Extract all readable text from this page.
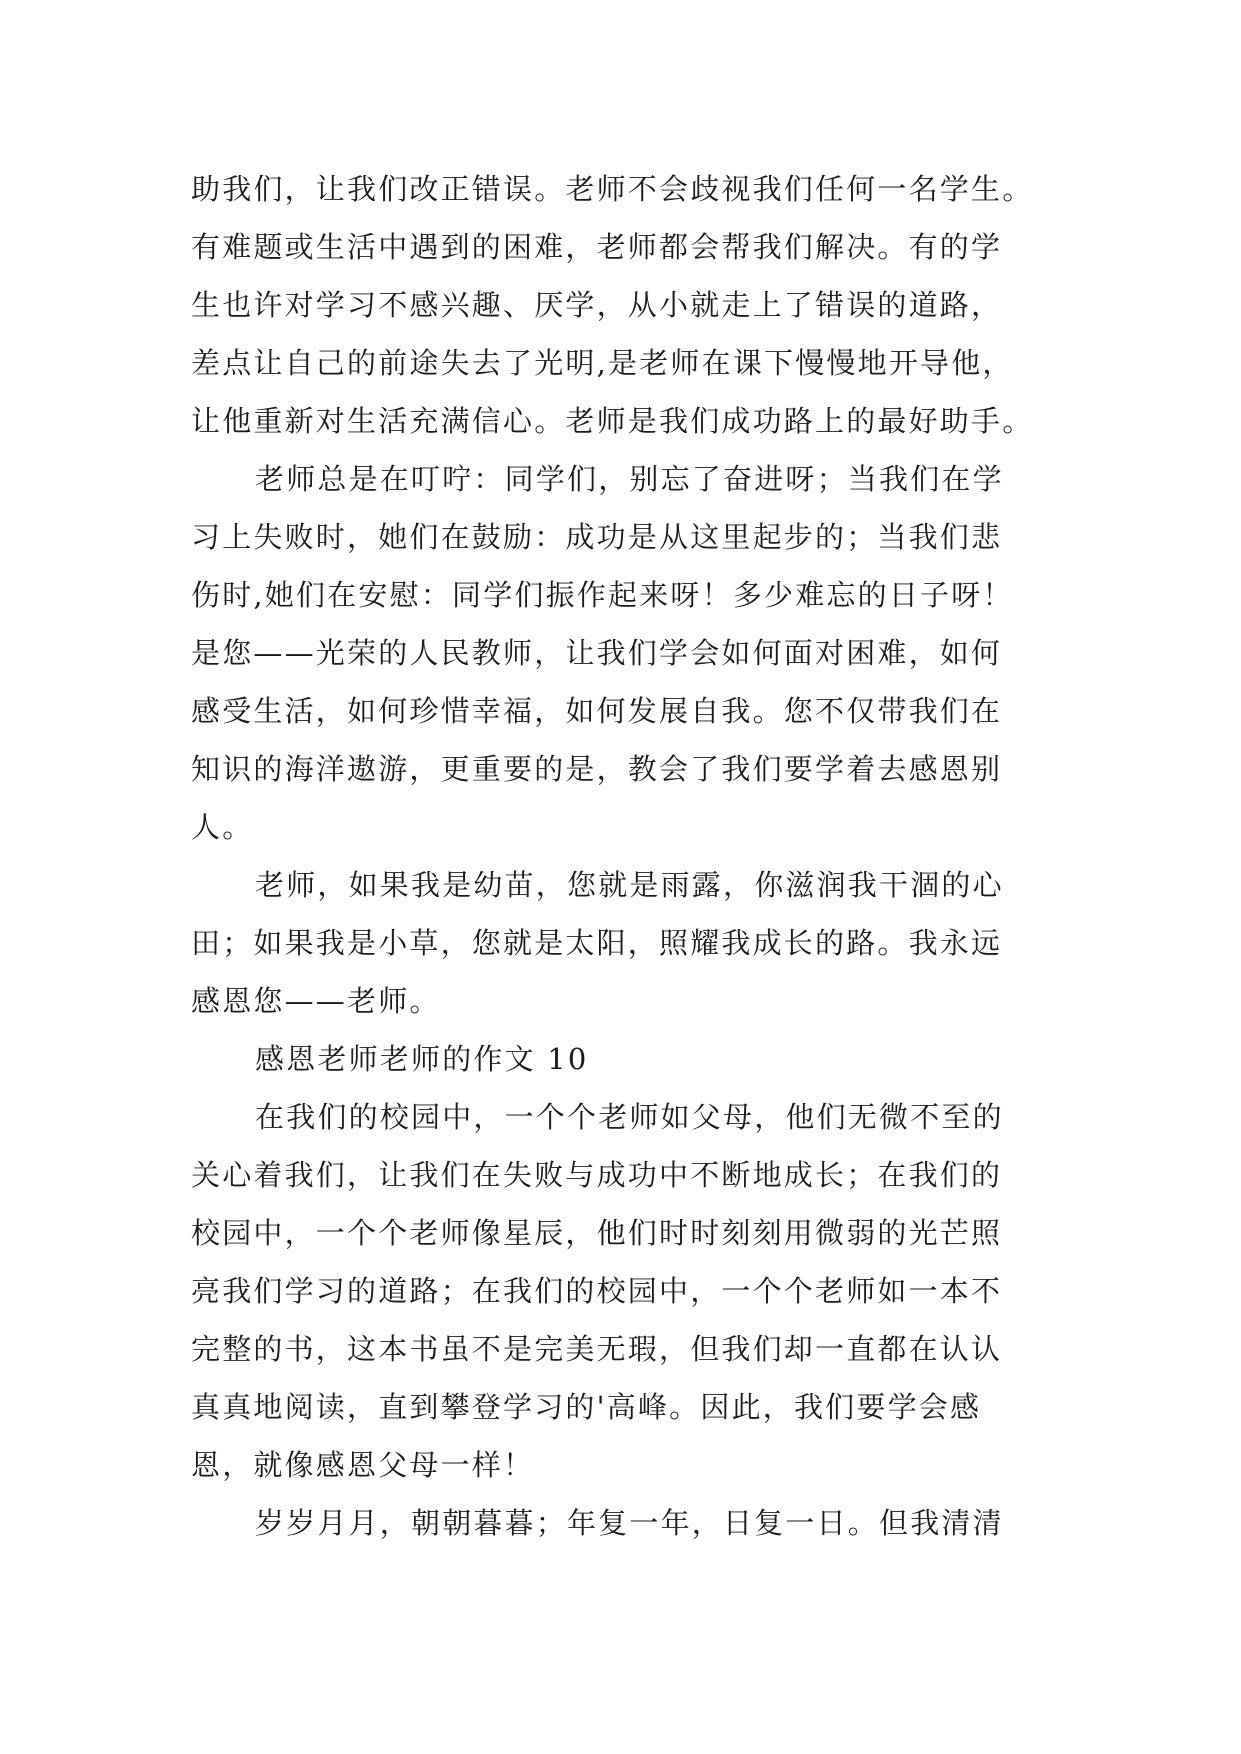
助我们，让我们改正错误。老师不会歧视我们任何一名学生。
有难题或生活中遇到的困难，老师都会帮我们解决。有的学
生也许对学习不感兴趣、厌学，从小就走上了错误的道路，
差点让自己的前途失去了光明,是老师在课下慢慢地开导他，
让他重新对生活充满信心。老师是我们成功路上的最好助手。
老师总是在叮咛：同学们，别忘了奋进呀；当我们在学
习上失败时，她们在鼓励：成功是从这里起步的；当我们悲
伤时,她们在安慰：同学们振作起来呀！多少难忘的日子呀！
是您——光荣的人民教师，让我们学会如何面对困难，如何
感受生活，如何珍惜幸福，如何发展自我。您不仅带我们在
知识的海洋遨游，更重要的是，教会了我们要学着去感恩别
人。
老师，如果我是幼苗，您就是雨露，你滋润我干涸的心
田；如果我是小草，您就是太阳，照耀我成长的路。我永远
感恩您——老师。
感恩老师老师的作文 10
在我们的校园中，一个个老师如父母，他们无微不至的
关心着我们，让我们在失败与成功中不断地成长；在我们的
校园中，一个个老师像星辰，他们时时刻刻用微弱的光芒照
亮我们学习的道路；在我们的校园中，一个个老师如一本不
完整的书，这本书虽不是完美无瑕，但我们却一直都在认认
真真地阅读，直到攀登学习的'高峰。因此，我们要学会感
恩，就像感恩父母一样！
岁岁月月，朝朝暮暮；年复一年，日复一日。但我清清
